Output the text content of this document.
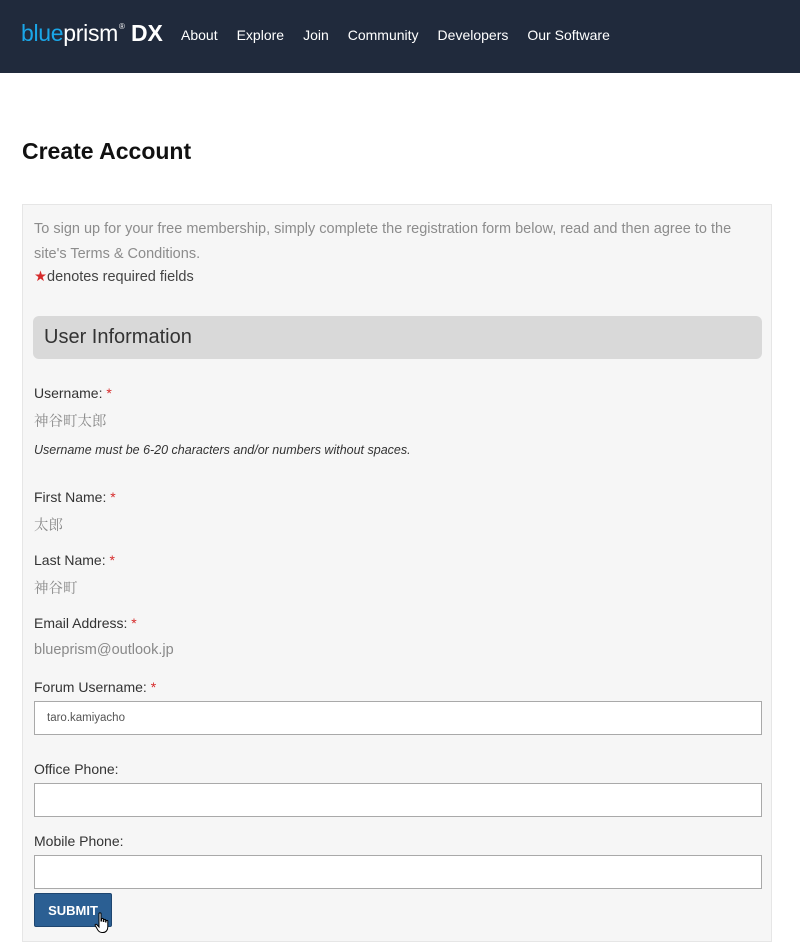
blue prism ® DX About Explore Join Community Developers Our Software
Create Account

To sign up for your free membership, simply complete the registration form below, read and then agree to the site's Terms & Conditions.

★denotes required fields
User Information
Username: *
神谷町太郎
Username must be 6-20 characters and/or numbers without spaces.
First Name: *
太郎
Last Name: *
神谷町
Email Address: *
blueprism@outlook.jp
Forum Username: *
taro.kamiyacho
Office Phone:
Mobile Phone:
SUBMIT
